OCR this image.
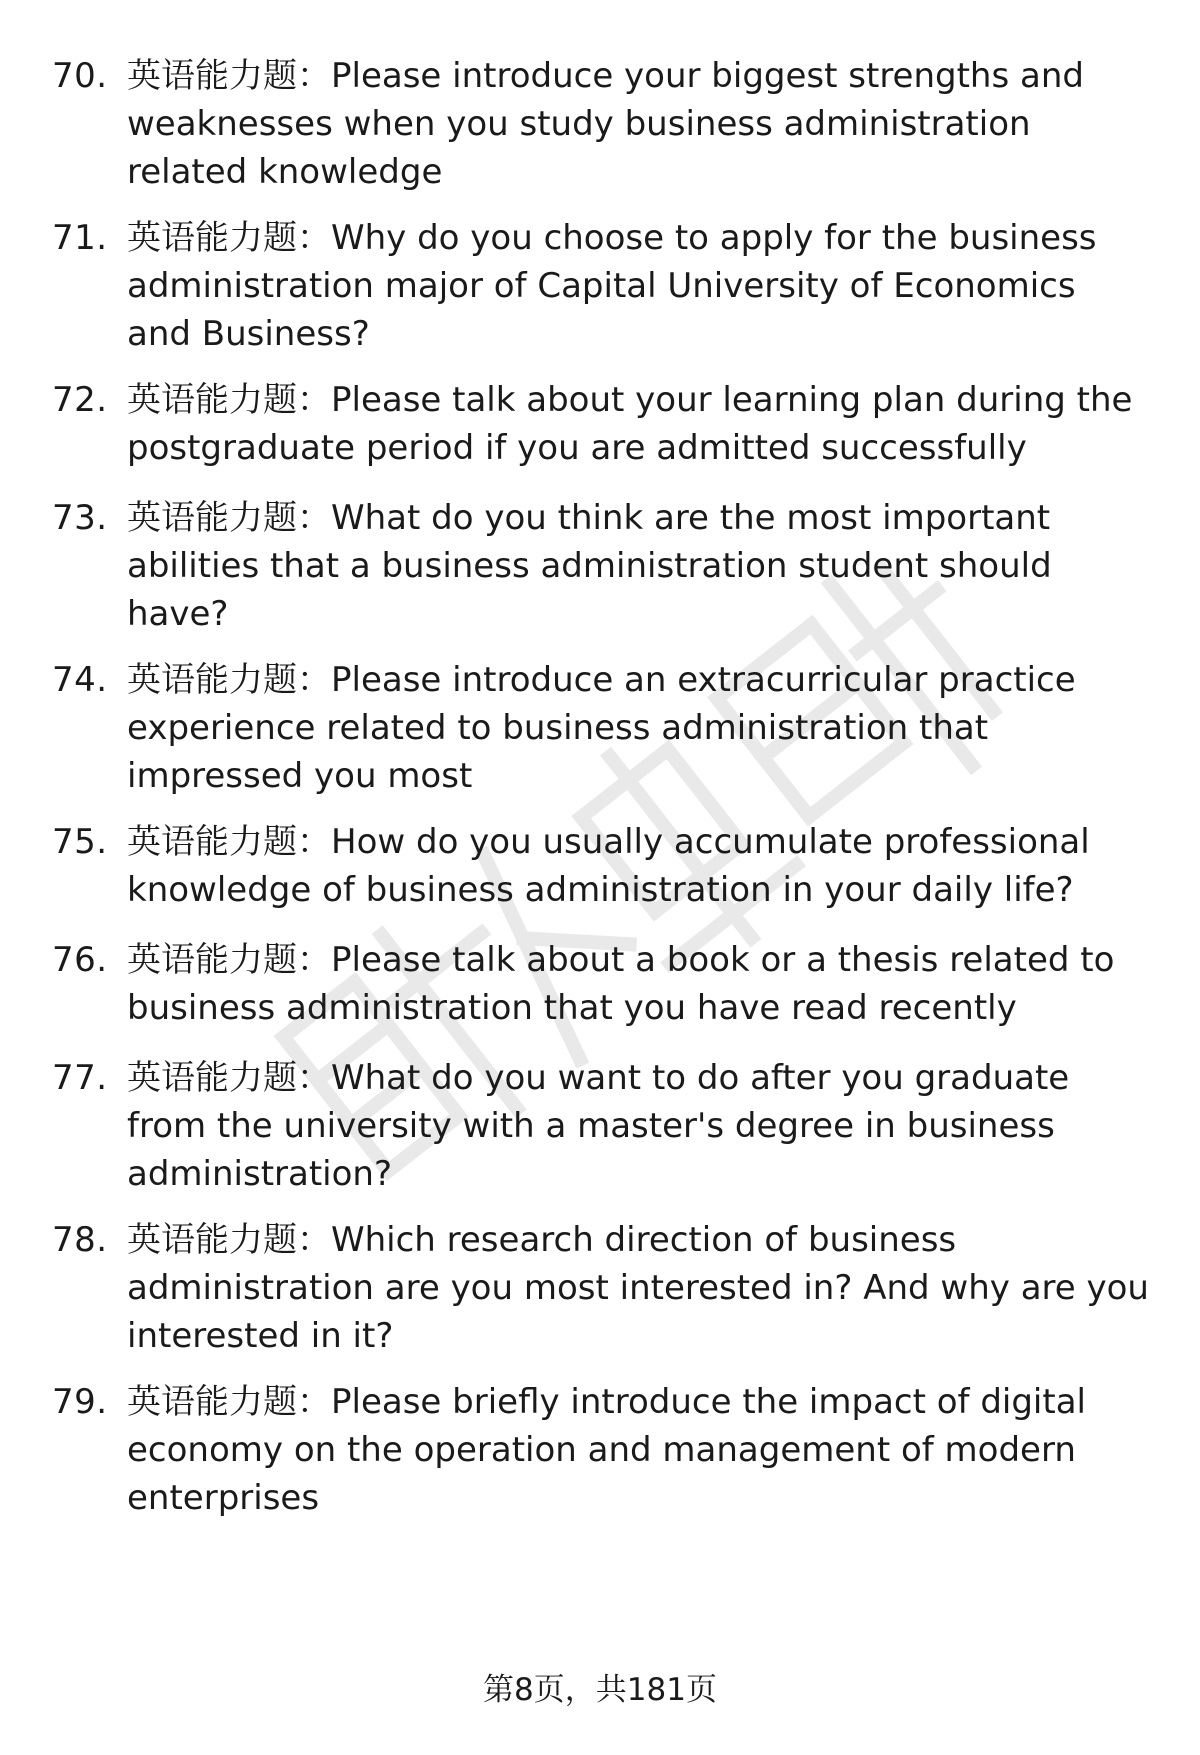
70. 英语能力题：Please introduce your biggest strengths and
weaknesses when you study business administration
related knowledge
71. 英语能力题：Why do you choose to apply for the business
administration major of Capital University of Economics
and Business?
72. 英语能力题：Please talk about your learning plan during the
postgraduate period if you are admitted successfully
73. 英语能力题：What do you think are the most important
abilities that a business administration student should
have?
74. 英语能力题：Please introduce an extracurricular practice
experience related to business administration that
impressed you most
75. 英语能力题：How do you usually accumulate professional
knowledge of business administration in your daily life?
76. 英语能力题：Please talk about a book or a thesis related to
business administration that you have read recently
77. 英语能力题：What do you want to do after you graduate
from the university with a master's degree in business
administration?
78. 英语能力题：Which research direction of business
administration are you most interested in? And why are you
interested in it?
79. 英语能力题：Please briefly introduce the impact of digital
economy on the operation and management of modern
enterprises
第8页，共181页
